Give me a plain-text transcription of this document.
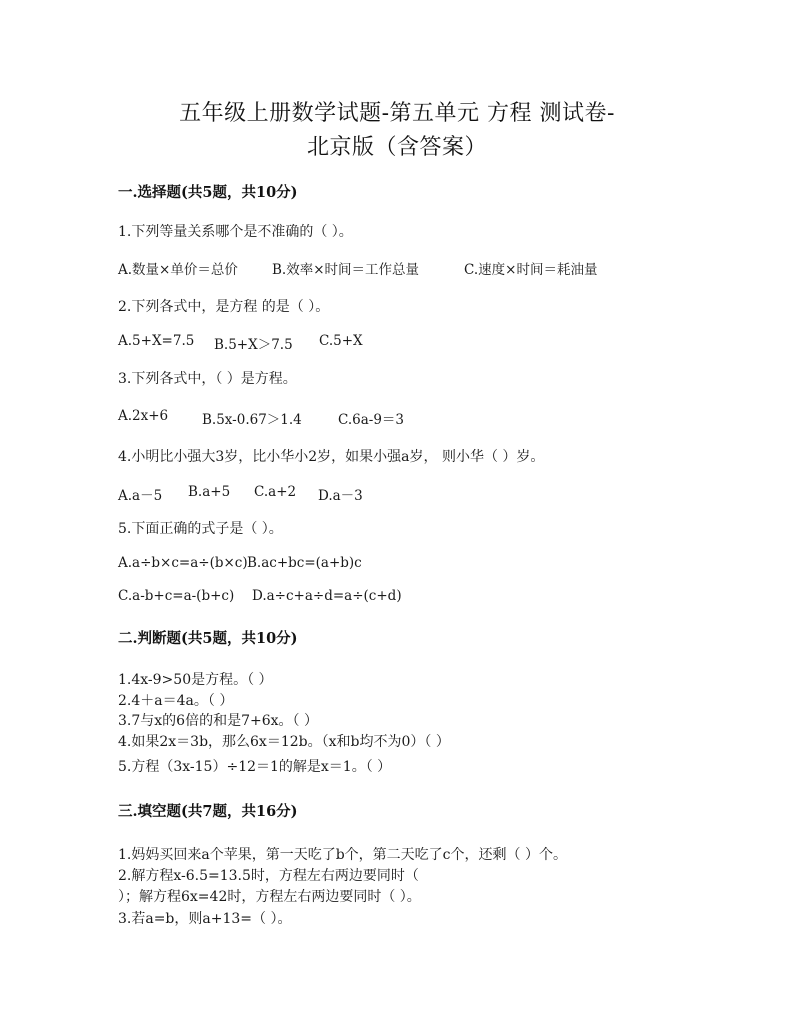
五年级上册数学试题-第五单元 方程 测试卷-
北京版（含答案）
一.选择题(共5题，共10分)
1.下列等量关系哪个是不准确的（ ）。
A.数量×单价＝总价	B.效率×时间＝工作总量	C.速度×时间＝耗油量
2.下列各式中，是方程 的是（ ）。
A.5+X=7.5 B.5+X＞7.5 C.5+X
3.下列各式中，（ ）是方程。
A.2x+6	B.5x-0.67＞1.4	C.6a-9＝3
4.小明比小强大3岁，比小华小2岁，如果小强a岁， 则小华（ ）岁。
A.a－5 B.a+5 C.a+2 D.a－3
5.下面正确的式子是（ ）。
A.a÷b×c=a÷(b×c) B.ac+bc=(a+b)c
C.a-b+c=a-(b+c) D.a÷c+a÷d=a÷(c+d)
二.判断题(共5题，共10分)
1.4x-9>50是方程。（ ）
2.4＋a＝4a。（ ）
3.7与x的6倍的和是7+6x。（ ）
4.如果2x＝3b，那么6x＝12b。（x和b均不为0）（ ）
5.方程（3x-15）÷12＝1的解是x＝1。（ ）
三.填空题(共7题，共16分)
1.妈妈买回来a个苹果，第一天吃了b个，第二天吃了c个，还剩（ ）个。
2.解方程x-6.5=13.5时，方程左右两边要同时（
）；解方程6x=42时，方程左右两边要同时（ ）。
3.若a=b，则a+13=（ ）。
